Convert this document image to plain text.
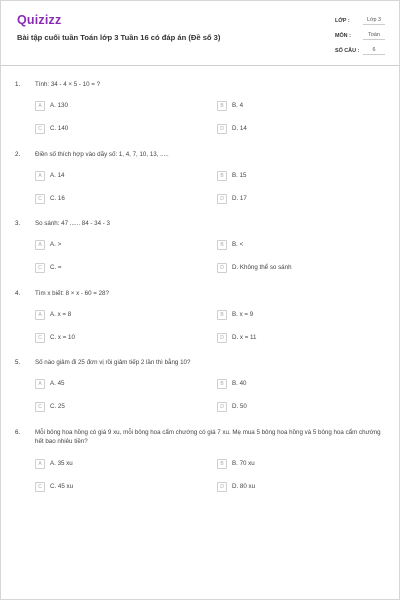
Quizizz
Bài tập cuối tuần Toán lớp 3 Tuần 16 có đáp án (Đề số 3)
LỚP :	Lớp 3
MÔN :	Toán
SỐ CÂU :	6
1. Tính: 34 - 4 × 5 - 10 = ?
A	A. 130	B	B. 4
C	C. 140	D	D. 14
2. Điền số thích hợp vào dãy số: 1, 4, 7, 10, 13, .....
A	A. 14	B	B. 15
C	C. 16	D	D. 17
3. So sánh: 47 ...... 84 - 34 - 3
A	A. >	B	B. <
C	C. =	D	D. Không thể so sánh
4. Tìm x biết: 8 × x - 60 = 28?
A	A. x = 8	B	B. x = 9
C	C. x = 10	D	D. x = 11
5. Số nào giảm đi 25 đơn vị rồi giảm tiếp 2 lần thì bằng 10?
A	A. 45	B	B. 40
C	C. 25	D	D. 50
6. Mỗi bông hoa hồng có giá 9 xu, mỗi bông hoa cẩm chướng có giá 7 xu. Mẹ mua 5 bông hoa hồng và 5 bông hoa cẩm chướng hết bao nhiêu tiền?
A	A. 35 xu	B	B. 70 xu
C	C. 45 xu	D	D. 80 xu
